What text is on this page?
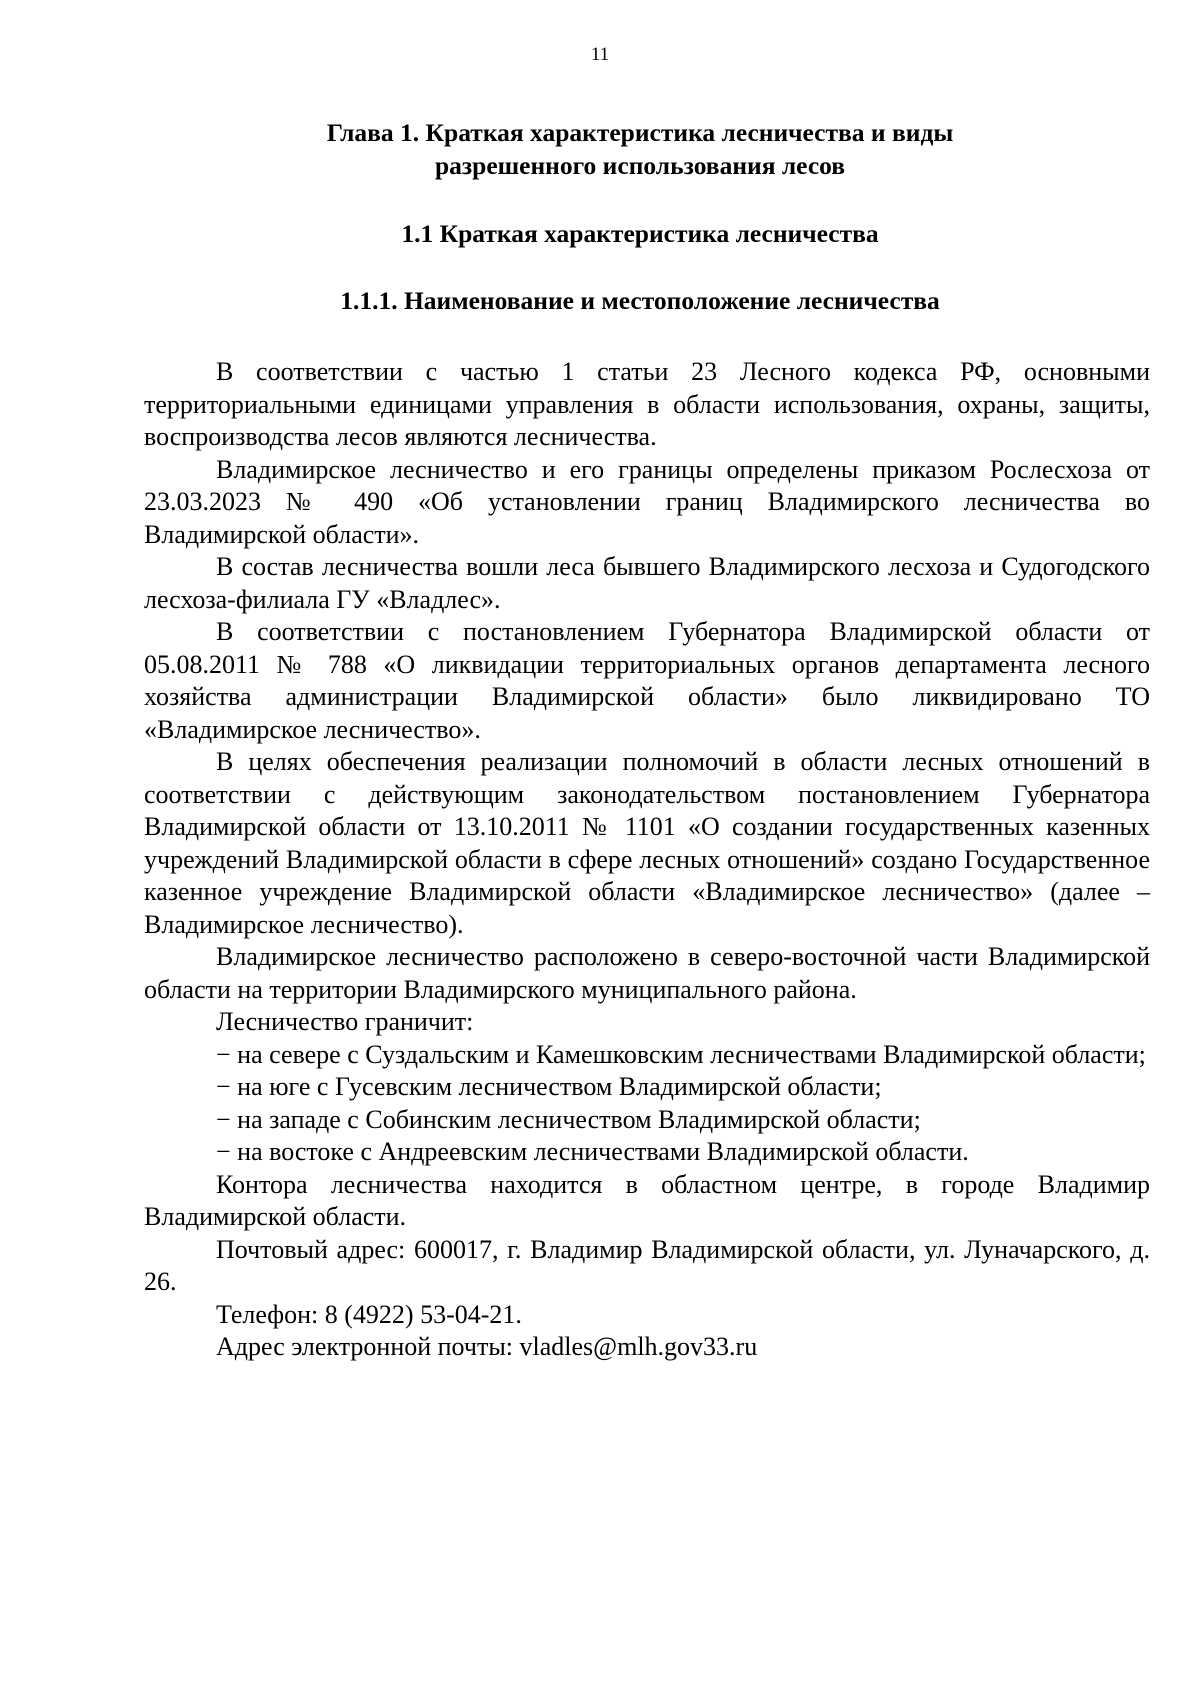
11
Глава 1. Краткая характеристика лесничества и виды
разрешенного использования лесов
1.1 Краткая характеристика лесничества
1.1.1. Наименование и местоположение лесничества

В соответствии с частью 1 статьи 23 Лесного кодекса РФ, основными территориальными единицами управления в области использования, охраны, защиты, воспроизводства лесов являются лесничества.

Владимирское лесничество и его границы определены приказом Рослесхоза от 23.03.2023 № 490 «Об установлении границ Владимирского лесничества во Владимирской области».

В состав лесничества вошли леса бывшего Владимирского лесхоза и Судогодского лесхоза-филиала ГУ «Владлес».

В соответствии с постановлением Губернатора Владимирской области от 05.08.2011 № 788 «О ликвидации территориальных органов департамента лесного хозяйства администрации Владимирской области» было ликвидировано ТО «Владимирское лесничество».

В целях обеспечения реализации полномочий в области лесных отношений в соответствии с действующим законодательством постановлением Губернатора Владимирской области от 13.10.2011 № 1101 «О создании государственных казенных учреждений Владимирской области в сфере лесных отношений» создано Государственное казенное учреждение Владимирской области «Владимирское лесничество» (далее – Владимирское лесничество).

Владимирское лесничество расположено в северо-восточной части Владимирской области на территории Владимирского муниципального района.

Лесничество граничит:

− на севере с Суздальским и Камешковским лесничествами Владимирской области;

− на юге с Гусевским лесничеством Владимирской области;

− на западе с Собинским лесничеством Владимирской области;

− на востоке с Андреевским лесничествами Владимирской области.

Контора лесничества находится в областном центре, в городе Владимир Владимирской области.

Почтовый адрес: 600017, г. Владимир Владимирской области, ул. Луначарского, д. 26.

Телефон: 8 (4922) 53-04-21.

Адрес электронной почты: vladles@mlh.gov33.ru
